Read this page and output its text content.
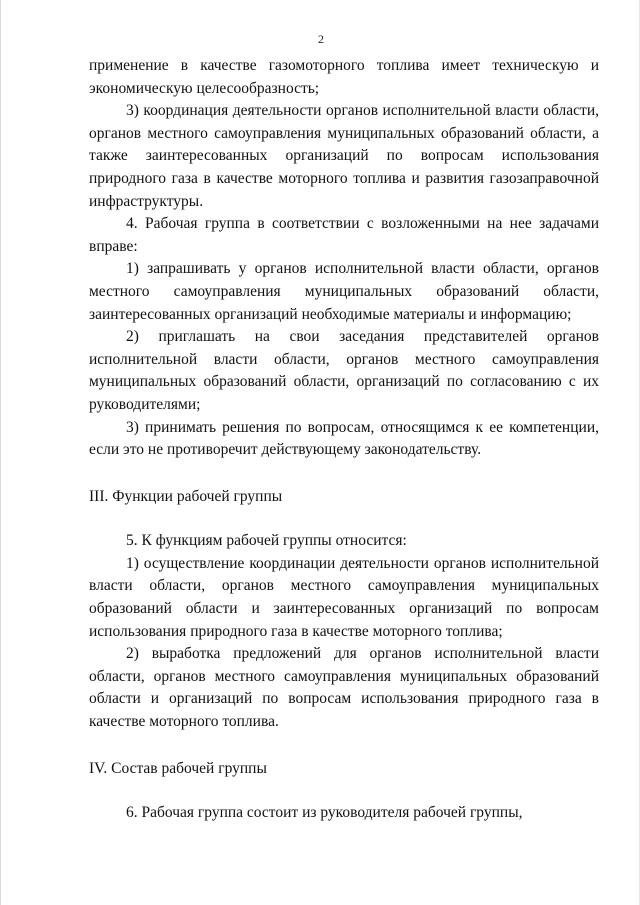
2

применение в качестве газомоторного топлива имеет техническую и экономическую целесообразность;

3) координация деятельности органов исполнительной власти области, органов местного самоуправления муниципальных образований области, а также заинтересованных организаций по вопросам использования природного газа в качестве моторного топлива и развития газозаправочной инфраструктуры.

4. Рабочая группа в соответствии с возложенными на нее задачами вправе:

1) запрашивать у органов исполнительной власти области, органов местного самоуправления муниципальных образований области, заинтересованных организаций необходимые материалы и информацию;

2) приглашать на свои заседания представителей органов исполнительной власти области, органов местного самоуправления муниципальных образований области, организаций по согласованию с их руководителями;

3) принимать решения по вопросам, относящимся к ее компетенции, если это не противоречит действующему законодательству.

III. Функции рабочей группы

5. К функциям рабочей группы относится:

1) осуществление координации деятельности органов исполнительной власти области, органов местного самоуправления муниципальных образований области и заинтересованных организаций по вопросам использования природного газа в качестве моторного топлива;

2) выработка предложений для органов исполнительной власти области, органов местного самоуправления муниципальных образований области и организаций по вопросам использования природного газа в качестве моторного топлива.

IV. Состав рабочей группы

6. Рабочая группа состоит из руководителя рабочей группы,
